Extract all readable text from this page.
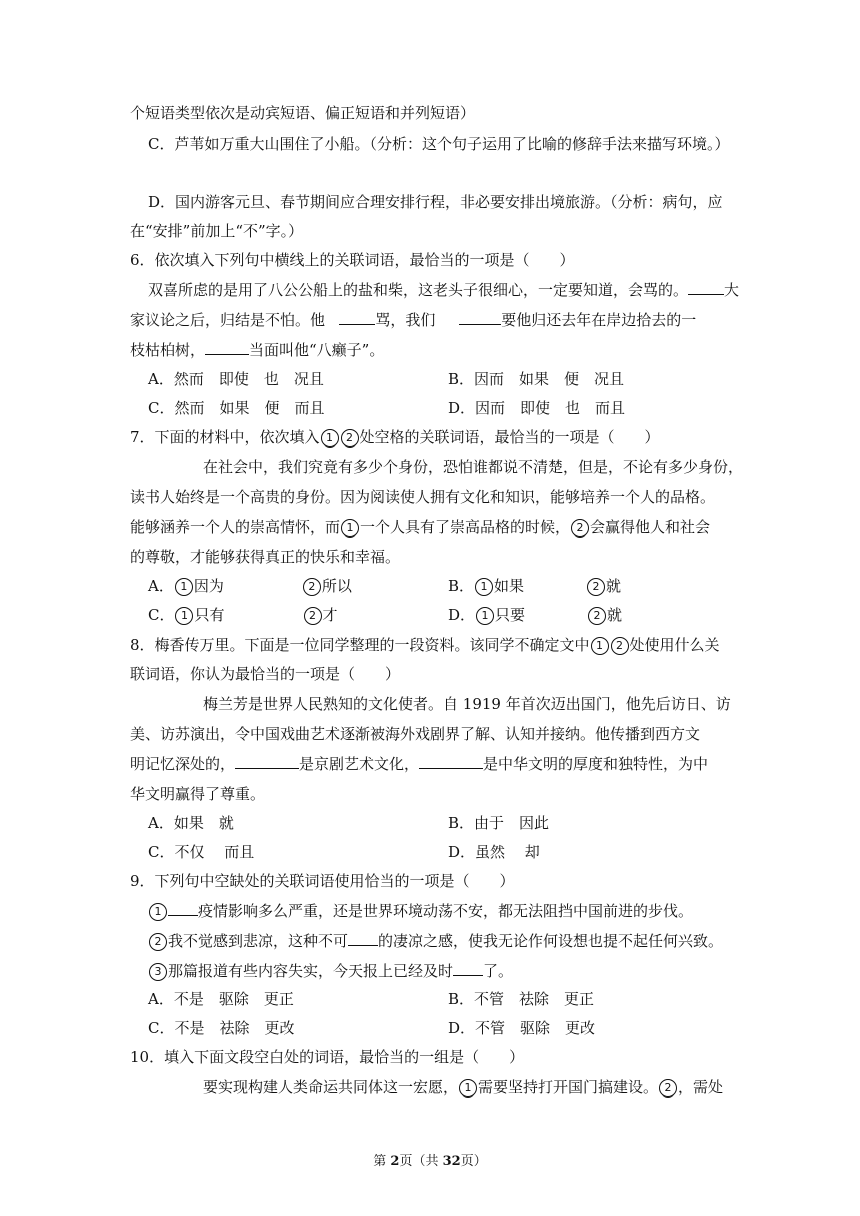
个短语类型依次是动宾短语、偏正短语和并列短语）
C．芦苇如万重大山围住了小船。（分析：这个句子运用了比喻的修辞手法来描写环境。）
D．国内游客元旦、春节期间应合理安排行程，非必要安排出境旅游。（分析：病句，应
在“安排”前加上“不”字。）
6．依次填入下列句中横线上的关联词语，最恰当的一项是（　　）
双喜所虑的是用了八公公船上的盐和柴，这老头子很细心，一定要知道，会骂的。 大
家议论之后，归结是不怕。他	骂，我们	要他归还去年在岸边拾去的一
枝枯柏树，	当面叫他“八癞子”。
A．然而　即使　也　况且	B．因而　如果　便　况且
C．然而　如果　便　而且	D．因而　即使　也　而且
7．下面的材料中，依次填入 1 2 处空格的关联词语，最恰当的一项是（　　）
在社会中，我们究竟有多少个身份，恐怕谁都说不清楚，但是，不论有多少身份，
读书人始终是一个高贵的身份。因为阅读使人拥有文化和知识，能够培养一个人的品格。
能够涵养一个人的崇高情怀，而 1 一个人具有了崇高品格的时候， 2 会赢得他人和社会
的尊敬，才能够获得真正的快乐和幸福。
A． 1 因为	2 所以	B． 1 如果	2 就
C． 1 只有	2 才	D． 1 只要	2 就
8．梅香传万里。下面是一位同学整理的一段资料。该同学不确定文中 1 2 处使用什么关
联词语，你认为最恰当的一项是（　　）
梅兰芳是世界人民熟知的文化使者。自 1919 年首次迈出国门，他先后访日、访
美、访苏演出，令中国戏曲艺术逐渐被海外戏剧界了解、认知并接纳。他传播到西方文
明记忆深处的，	是京剧艺术文化，	是中华文明的厚度和独特性，为中
华文明赢得了尊重。
A．如果　就	B．由于　因此
C．不仅　 而且	D．虽然　 却
9．下列句中空缺处的关联词语使用恰当的一项是（　　）
1 疫情影响多么严重，还是世界环境动荡不安，都无法阻挡中国前进的步伐。
2 我不觉感到悲凉，这种不可 的凄凉之感，使我无论作何设想也提不起任何兴致。
3 那篇报道有些内容失实，今天报上已经及时 了。
A．不是　驱除　更正	B．不管　祛除　更正
C．不是　祛除　更改	D．不管　驱除　更改
10．填入下面文段空白处的词语，最恰当的一组是（　　）
要实现构建人类命运共同体这一宏愿， 1 需要坚持打开国门搞建设。 2 ，需处
第 2页（共 32页）
